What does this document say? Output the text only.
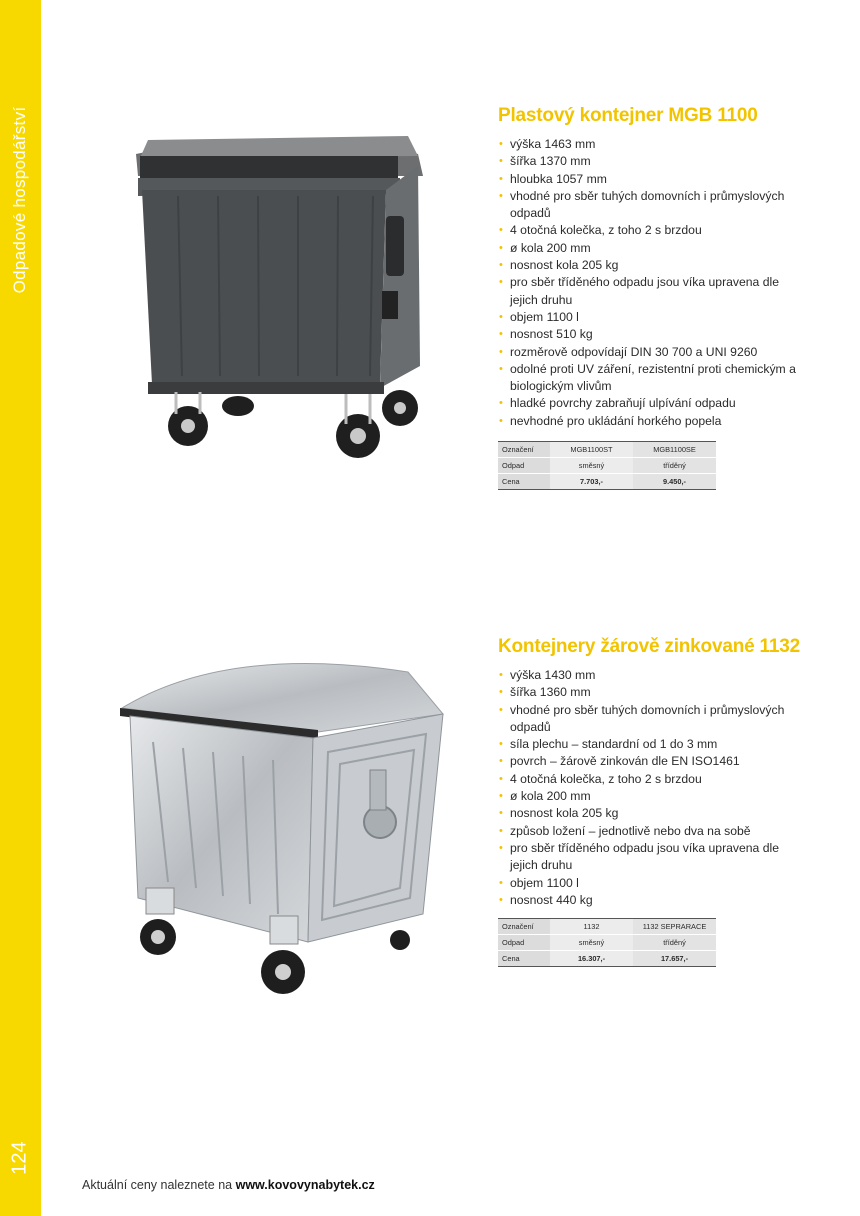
Odpadové hospodářství
124
Plastový kontejner MGB 1100
• výška 1463 mm
• šířka 1370 mm
• hloubka 1057 mm
• vhodné pro sběr tuhých domovních i průmyslových odpadů
• 4 otočná kolečka, z toho 2 s brzdou
• ø kola 200 mm
• nosnost kola 205 kg
• pro sběr tříděného odpadu jsou víka upravena dle jejich druhu
• objem 1100 l
• nosnost 510 kg
• rozměrově odpovídají DIN 30 700 a UNI 9260
• odolné proti UV záření, rezistentní proti chemickým a biologickým vlivům
• hladké povrchy zabraňují ulpívání odpadu
• nevhodné pro ukládání horkého popela
Označení	MGB1100ST	MGB1100SE
Odpad	směsný	tříděný
Cena	7.703,-	9.450,-
Kontejnery žárově zinkované 1132
• výška 1430 mm
• šířka 1360 mm
• vhodné pro sběr tuhých domovních i průmyslových odpadů
• síla plechu – standardní od 1 do 3 mm
• povrch – žárově zinkován dle EN ISO1461
• 4 otočná kolečka, z toho 2 s brzdou
• ø kola 200 mm
• nosnost kola 205 kg
• způsob ložení – jednotlivě nebo dva na sobě
• pro sběr tříděného odpadu jsou víka upravena dle jejich druhu
• objem 1100 l
• nosnost 440 kg
Označení	1132	1132 SEPRARACE
Odpad	směsný	tříděný
Cena	16.307,-	17.657,-
Aktuální ceny naleznete na www.kovovynabytek.cz
